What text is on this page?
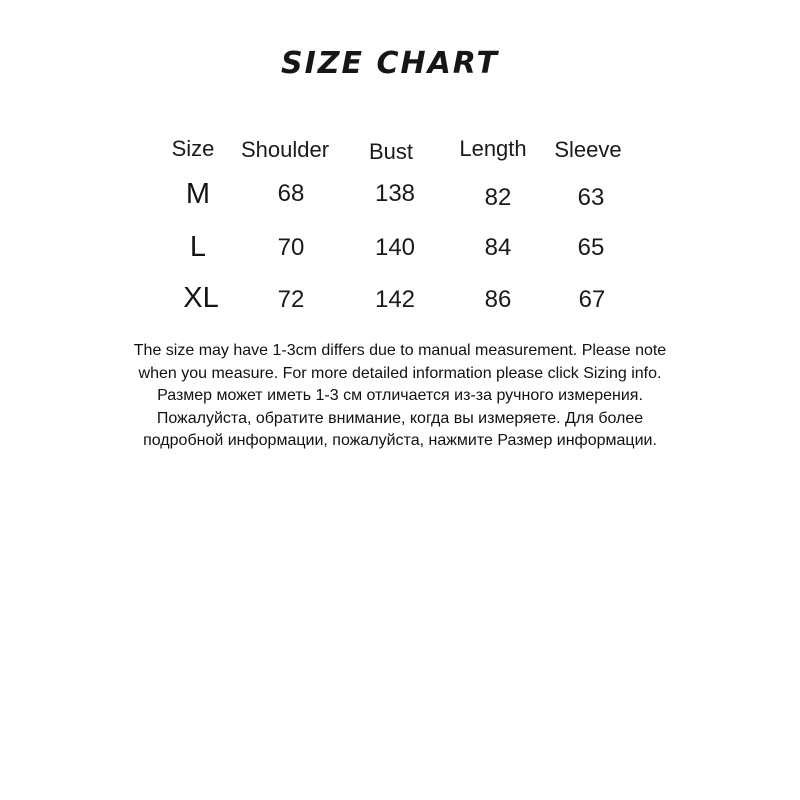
SIZE CHART
Size Shoulder Bust Length Sleeve
M	68	138	82	63
L	70	140	84	65
XL 72	142	86	67
The size may have 1-3cm differs due to manual measurement. Please note
when you measure. For more detailed information please click Sizing info.
Размер может иметь 1-3 см отличается из-за ручного измерения.
Пожалуйста, обратите внимание, когда вы измеряете. Для более
подробной информации, пожалуйста, нажмите Размер информации.
